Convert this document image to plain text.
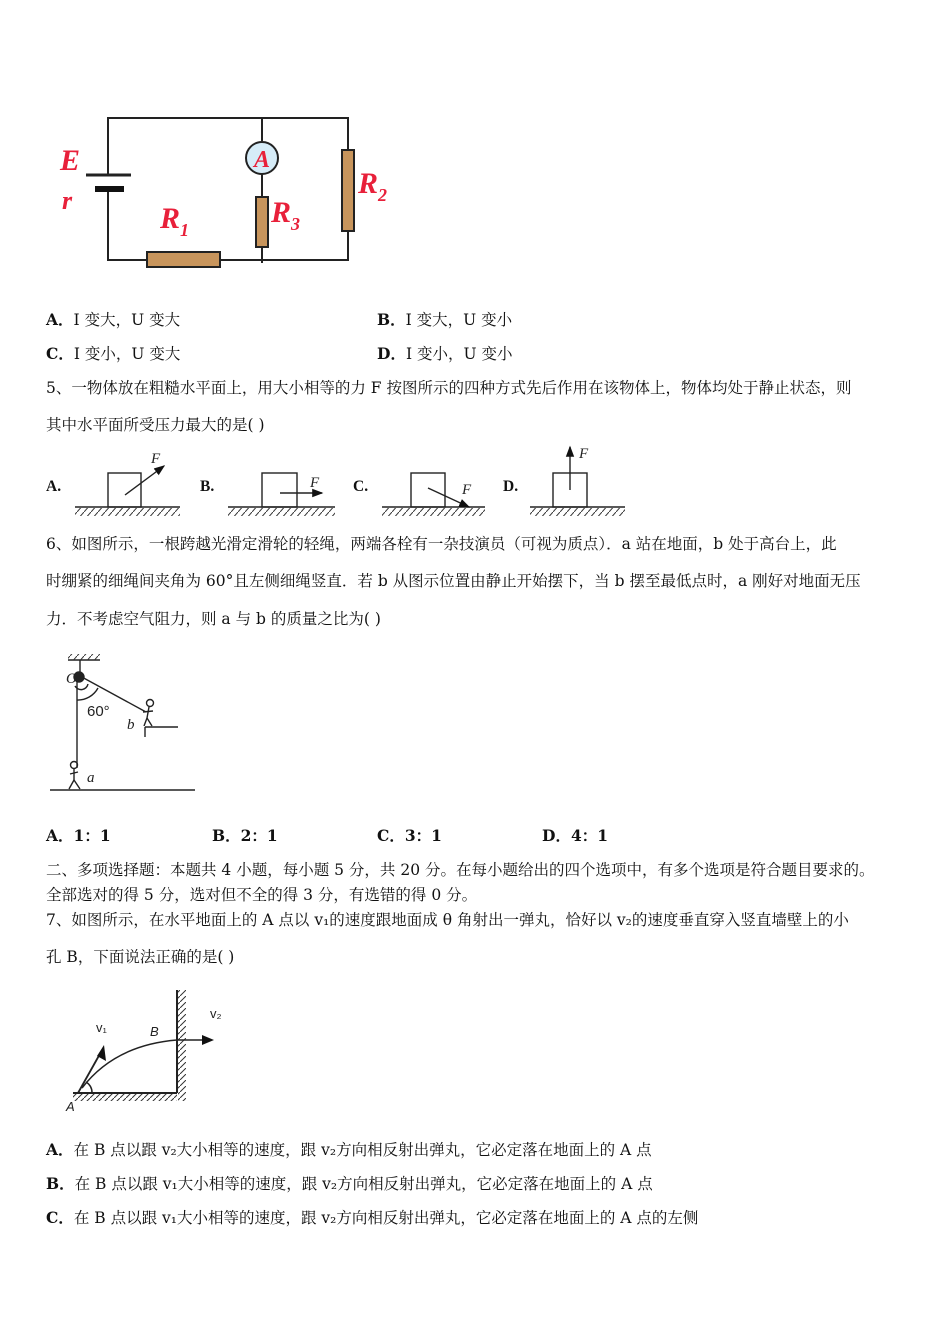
A
E
r
R 1
R 3
R 2
A．I 变大，U 变大	B．I 变大，U 变小
C．I 变小，U 变大	D．I 变小，U 变小
5、一物体放在粗糙水平面上，用大小相等的力 F 按图所示的四种方式先后作用在该物体上，物体均处于静止状态，则
其中水平面所受压力最大的是( )
F
F	F
F
A.	B.	C.	D.
6、如图所示，一根跨越光滑定滑轮的轻绳，两端各栓有一杂技演员（可视为质点）．a 站在地面，b 处于高台上，此
时绷紧的细绳间夹角为 60°且左侧细绳竖直．若 b 从图示位置由静止开始摆下，当 b 摆至最低点时，a 刚好对地面无压
力．不考虑空气阻力，则 a 与 b 的质量之比为( )
O
60°
b
a
A．1：1	B．2：1	C．3：1	D．4：1
二、多项选择题：本题共 4 小题，每小题 5 分，共 20 分。在每小题给出的四个选项中，有多个选项是符合题目要求的。
全部选对的得 5 分，选对但不全的得 3 分，有选错的得 0 分。
7、如图所示，在水平地面上的 A 点以 v₁的速度跟地面成 θ 角射出一弹丸，恰好以 v₂的速度垂直穿入竖直墙壁上的小
孔 B，下面说法正确的是( )
v₁	B
v₂
A
A．在 B 点以跟 v₂大小相等的速度，跟 v₂方向相反射出弹丸，它必定落在地面上的 A 点
B．在 B 点以跟 v₁大小相等的速度，跟 v₂方向相反射出弹丸，它必定落在地面上的 A 点
C．在 B 点以跟 v₁大小相等的速度，跟 v₂方向相反射出弹丸，它必定落在地面上的 A 点的左侧
